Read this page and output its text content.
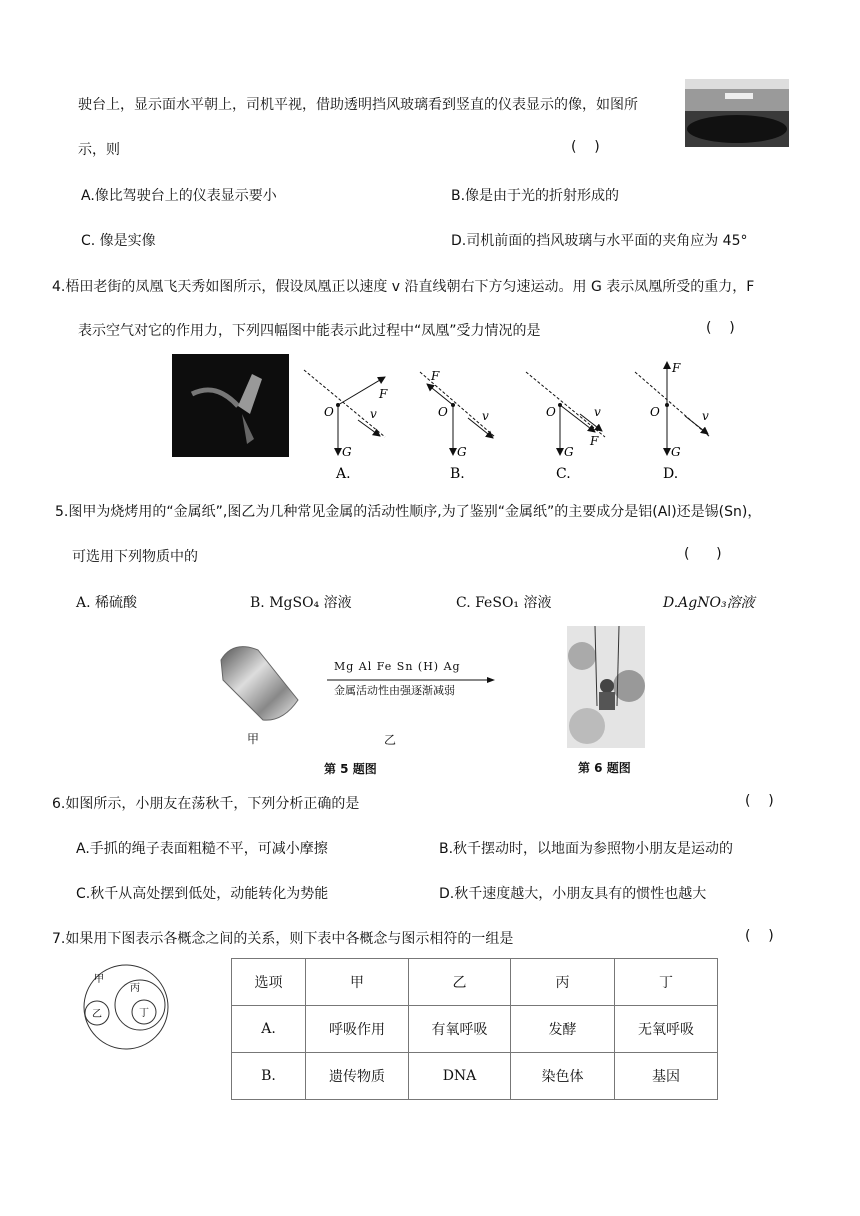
驶台上，显示面水平朝上，司机平视，借助透明挡风玻璃看到竖直的仪表显示的像，如图所
示，则	(    )
A.像比驾驶台上的仪表显示要小	B.像是由于光的折射形成的
C. 像是实像	D.司机前面的挡风玻璃与水平面的夹角应为 45°
4.梧田老街的凤凰飞天秀如图所示，假设凤凰正以速度 v 沿直线朝右下方匀速运动。用 G 表示凤凰所受的重力，F
表示空气对它的作用力，下列四幅图中能表示此过程中“凤凰”受力情况的是	(    )
O
F
G
v
A.
F
O
G
v
B.
O
F
G
v
C.
F
O
G
v
D.
5.图甲为烧烤用的“金属纸”,图乙为几种常见金属的活动性顺序,为了鉴别“金属纸”的主要成分是铝(Al)还是锡(Sn)，
可选用下列物质中的	(      )
A. 稀硫酸	B. MgSO₄ 溶液	C. FeSO₁ 溶液	D.AgNO₃溶液
甲
Mg Al Fe Sn (H) Ag
金属活动性由强逐渐减弱
乙
第 5 题图	第 6 题图
6.如图所示，小朋友在荡秋千，下列分析正确的是	(    )
A.手抓的绳子表面粗糙不平，可减小摩擦	B.秋千摆动时，以地面为参照物小朋友是运动的
C.秋千从高处摆到低处，动能转化为势能	D.秋千速度越大，小朋友具有的惯性也越大
7.如果用下图表示各概念之间的关系，则下表中各概念与图示相符的一组是	(    )
甲
乙
丙
丁
选项	甲	乙	丙	丁
A.	呼吸作用	有氧呼吸	发酵	无氧呼吸
B.	遗传物质	DNA	染色体	基因
